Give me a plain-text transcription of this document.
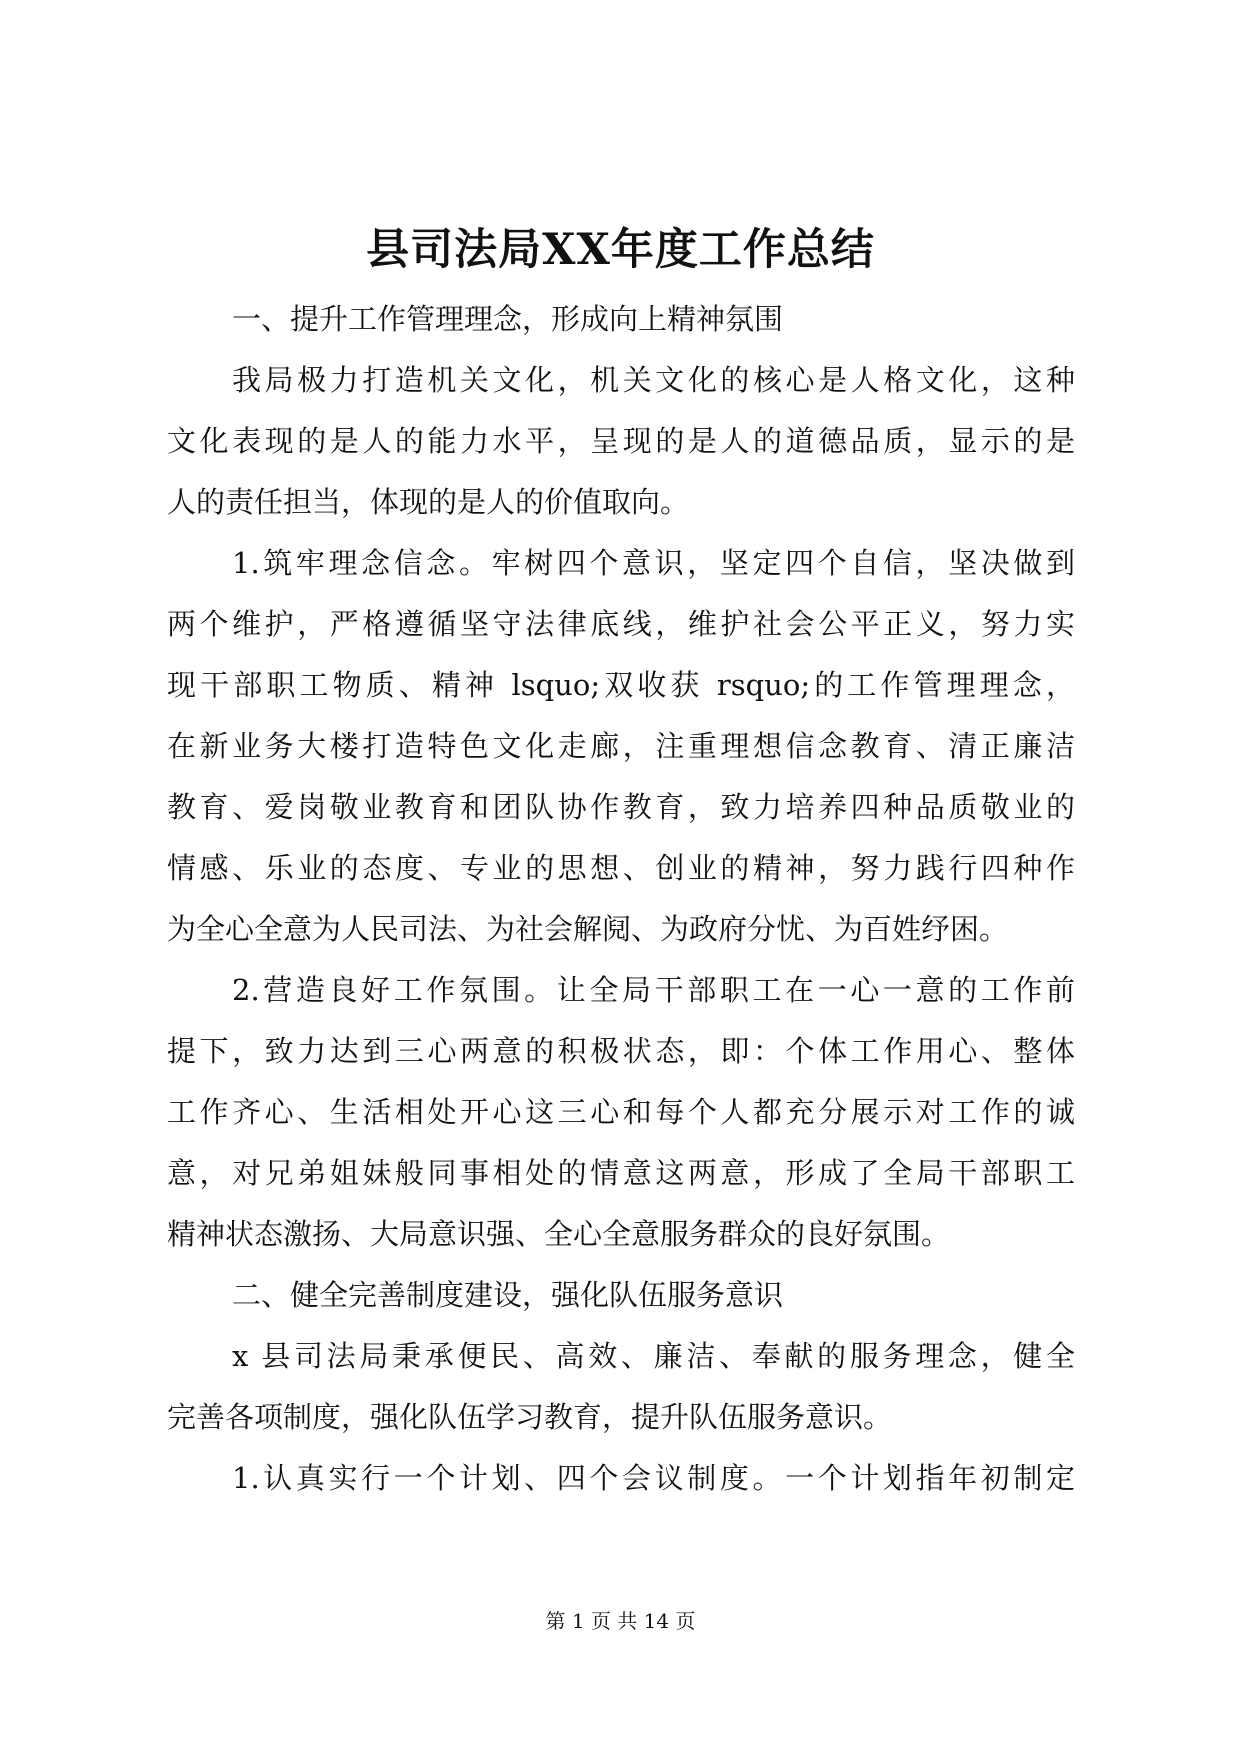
县司法局XX年度工作总结
一、提升工作管理理念，形成向上精神氛围
我局极力打造机关文化，机关文化的核心是人格文化，这种
文化表现的是人的能力水平，呈现的是人的道德品质，显示的是
人的责任担当，体现的是人的价值取向。
1.筑牢理念信念。牢树四个意识，坚定四个自信，坚决做到
两个维护，严格遵循坚守法律底线，维护社会公平正义，努力实
现干部职工物质、精神 lsquo;双收获 rsquo;的工作管理理念，
在新业务大楼打造特色文化走廊，注重理想信念教育、清正廉洁
教育、爱岗敬业教育和团队协作教育，致力培养四种品质敬业的
情感、乐业的态度、专业的思想、创业的精神，努力践行四种作
为全心全意为人民司法、为社会解阋、为政府分忧、为百姓纾困。
2.营造良好工作氛围。让全局干部职工在一心一意的工作前
提下，致力达到三心两意的积极状态，即：个体工作用心、整体
工作齐心、生活相处开心这三心和每个人都充分展示对工作的诚
意，对兄弟姐妹般同事相处的情意这两意，形成了全局干部职工
精神状态激扬、大局意识强、全心全意服务群众的良好氛围。
二、健全完善制度建设，强化队伍服务意识
x 县司法局秉承便民、高效、廉洁、奉献的服务理念，健全
完善各项制度，强化队伍学习教育，提升队伍服务意识。
1.认真实行一个计划、四个会议制度。一个计划指年初制定
第 1 页 共 14 页
